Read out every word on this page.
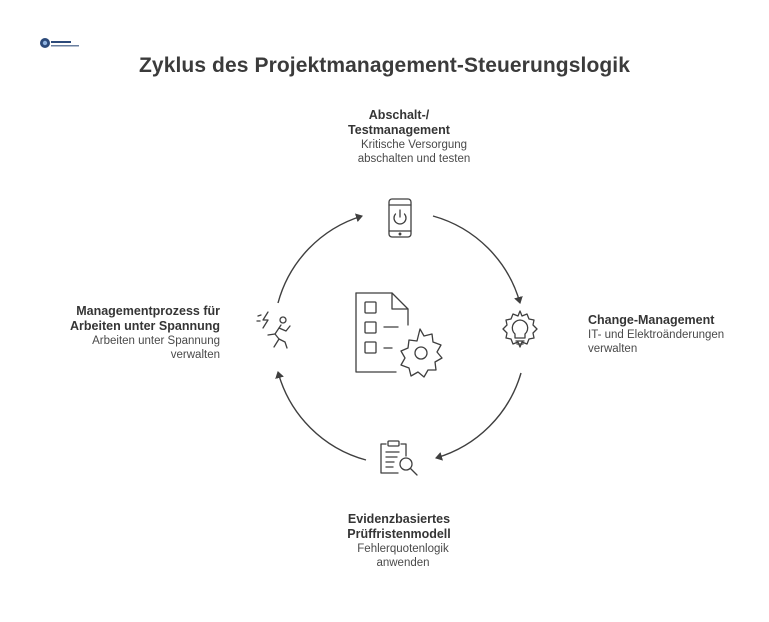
Zyklus des Projektmanagement-Steuerungslogik
Abschalt-/
Testmanagement
Kritische Versorgung
abschalten und testen
Change-Management
IT- und Elektroänderungen
verwalten
Evidenzbasiertes
Prüffristenmodell
Fehlerquotenlogik
anwenden
Managementprozess für
Arbeiten unter Spannung
Arbeiten unter Spannung
verwalten
